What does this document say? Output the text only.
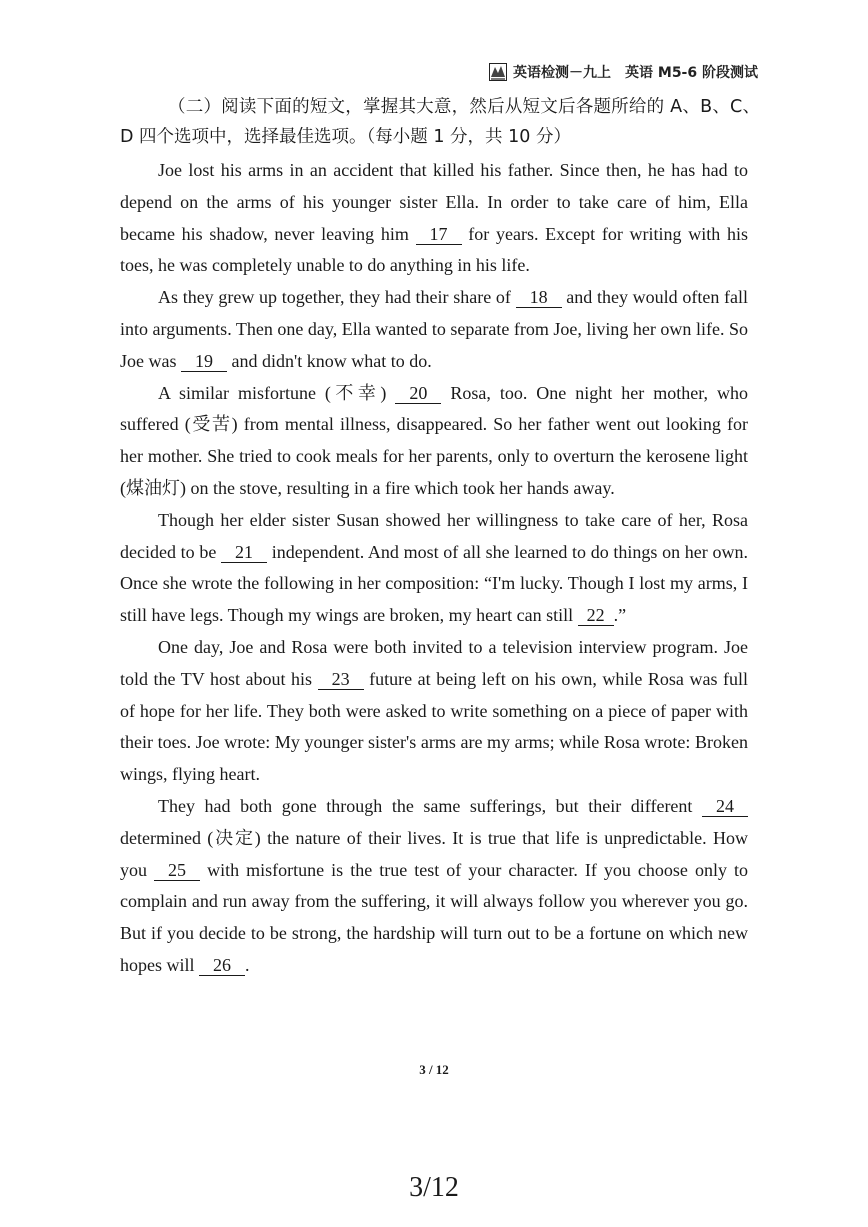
英语检测－九上　英语 M5-6 阶段测试
（二）阅读下面的短文，掌握其大意，然后从短文后各题所给的 A、B、C、D 四个选项中，选择最佳选项。（每小题 1 分，共 10 分）

Joe lost his arms in an accident that killed his father. Since then, he has had to depend on the arms of his younger sister Ella. In order to take care of him, Ella became his shadow, never leaving him 17 for years. Except for writing with his toes, he was completely unable to do anything in his life.

As they grew up together, they had their share of 18 and they would often fall into arguments. Then one day, Ella wanted to separate from Joe, living her own life. So Joe was 19 and didn't know what to do.

A similar misfortune (不幸) 20 Rosa, too. One night her mother, who suffered (受苦) from mental illness, disappeared. So her father went out looking for her mother. She tried to cook meals for her parents, only to overturn the kerosene light (煤油灯) on the stove, resulting in a fire which took her hands away.

Though her elder sister Susan showed her willingness to take care of her, Rosa decided to be 21 independent. And most of all she learned to do things on her own. Once she wrote the following in her composition: “I'm lucky. Though I lost my arms, I still have legs. Though my wings are broken, my heart can still 22 .”

One day, Joe and Rosa were both invited to a television interview program. Joe told the TV host about his 23 future at being left on his own, while Rosa was full of hope for her life. They both were asked to write something on a piece of paper with their toes. Joe wrote: My younger sister's arms are my arms; while Rosa wrote: Broken wings, flying heart.

They had both gone through the same sufferings, but their different 24 determined (决定) the nature of their lives. It is true that life is unpredictable. How you 25 with misfortune is the true test of your character. If you choose only to complain and run away from the suffering, it will always follow you wherever you go. But if you decide to be strong, the hardship will turn out to be a fortune on which new hopes will 26 .

3 / 12
3/12
